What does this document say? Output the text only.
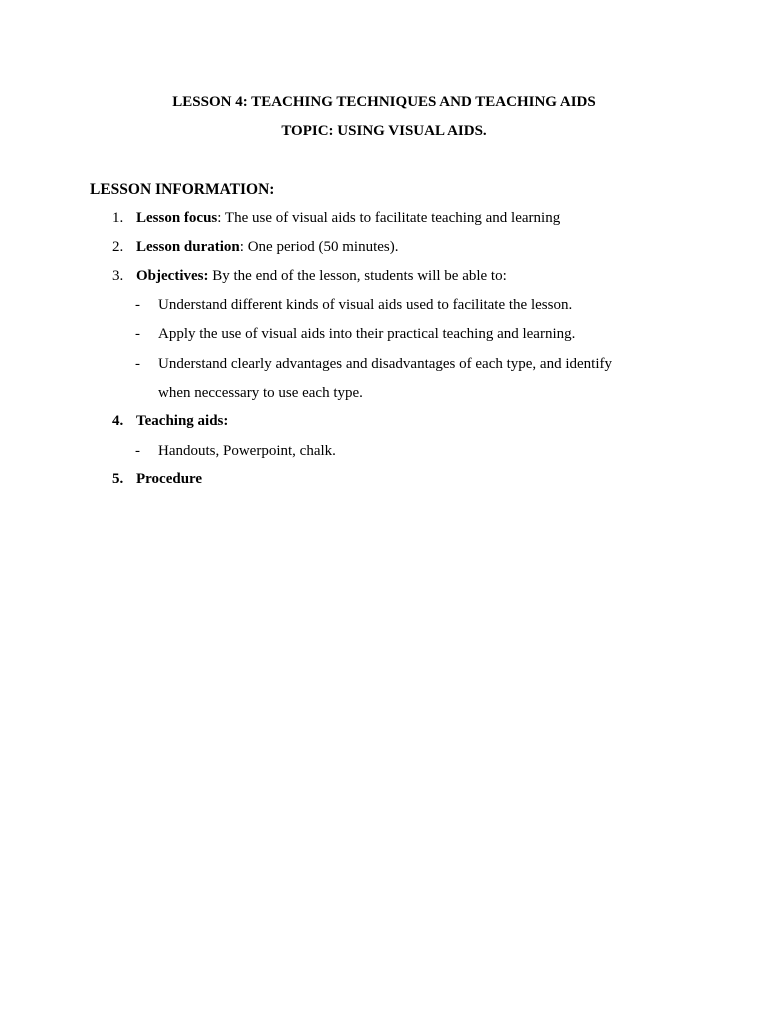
LESSON 4: TEACHING TECHNIQUES AND TEACHING AIDS
TOPIC: USING VISUAL AIDS.
LESSON INFORMATION:
1. Lesson focus: The use of visual aids to facilitate teaching and learning
2. Lesson duration: One period (50 minutes).
3. Objectives: By the end of the lesson, students will be able to:
- Understand different kinds of visual aids used to facilitate the lesson.
- Apply the use of visual aids into their practical teaching and learning.
- Understand clearly advantages and disadvantages of each type, and identify
when neccessary to use each type.
4. Teaching aids:
- Handouts, Powerpoint, chalk.
5. Procedure
